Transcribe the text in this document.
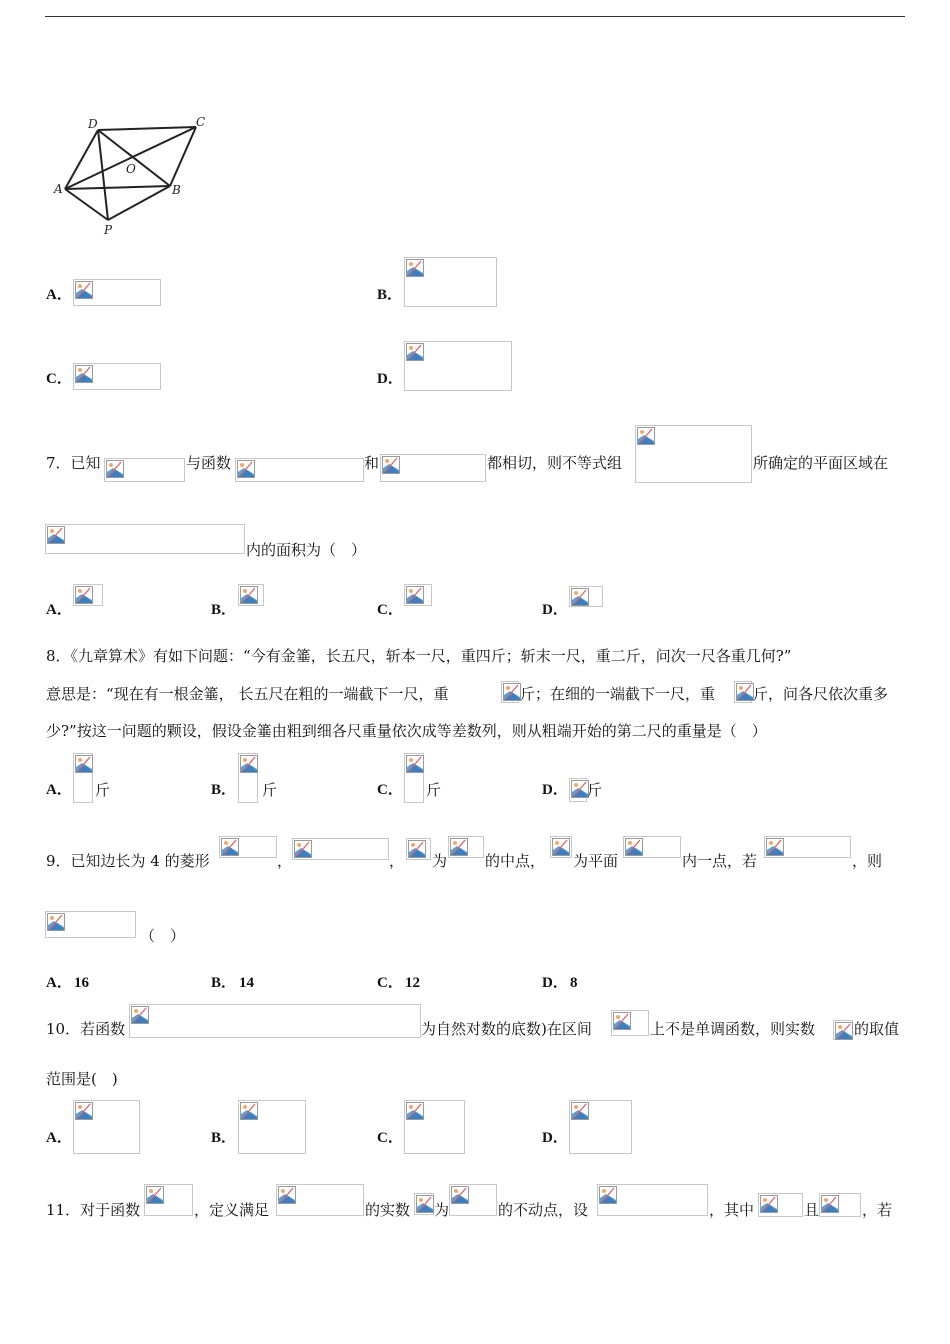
D	C
O
A	B
P
A．	B．
C．	D．
7．已知	与函数	和	都相切，则不等式组	所确定的平面区域在
内的面积为（　）
A．	B．	C．	D．
8．《九章算术》有如下问题：“今有金箠，长五尺，斩本一尺，重四斤；斩末一尺，重二斤，问次一尺各重几何?”
意思是：“现在有一根金箠， 长五尺在粗的一端截下一尺，重	斤；在细的一端截下一尺，重	斤，问各尺依次重多
少?”按这一问题的颗设，假设金箠由粗到细各尺重量依次成等差数列，则从粗端开始的第二尺的重量是（　）
A． 斤	B． 斤	C． 斤	D． 斤
9．已知边长为 4 的菱形	，	， 为	的中点， 为平面	内一点，若	，则
（　）
A． 16	B． 14	C． 12	D． 8
10．若函数	为自然对数的底数)在区间	上不是单调函数，则实数	的取值
范围是(　)
A．	B．	C．	D．
11．对于函数	，定义满足	的实数 为	的不动点，设	，其中	且	，若
